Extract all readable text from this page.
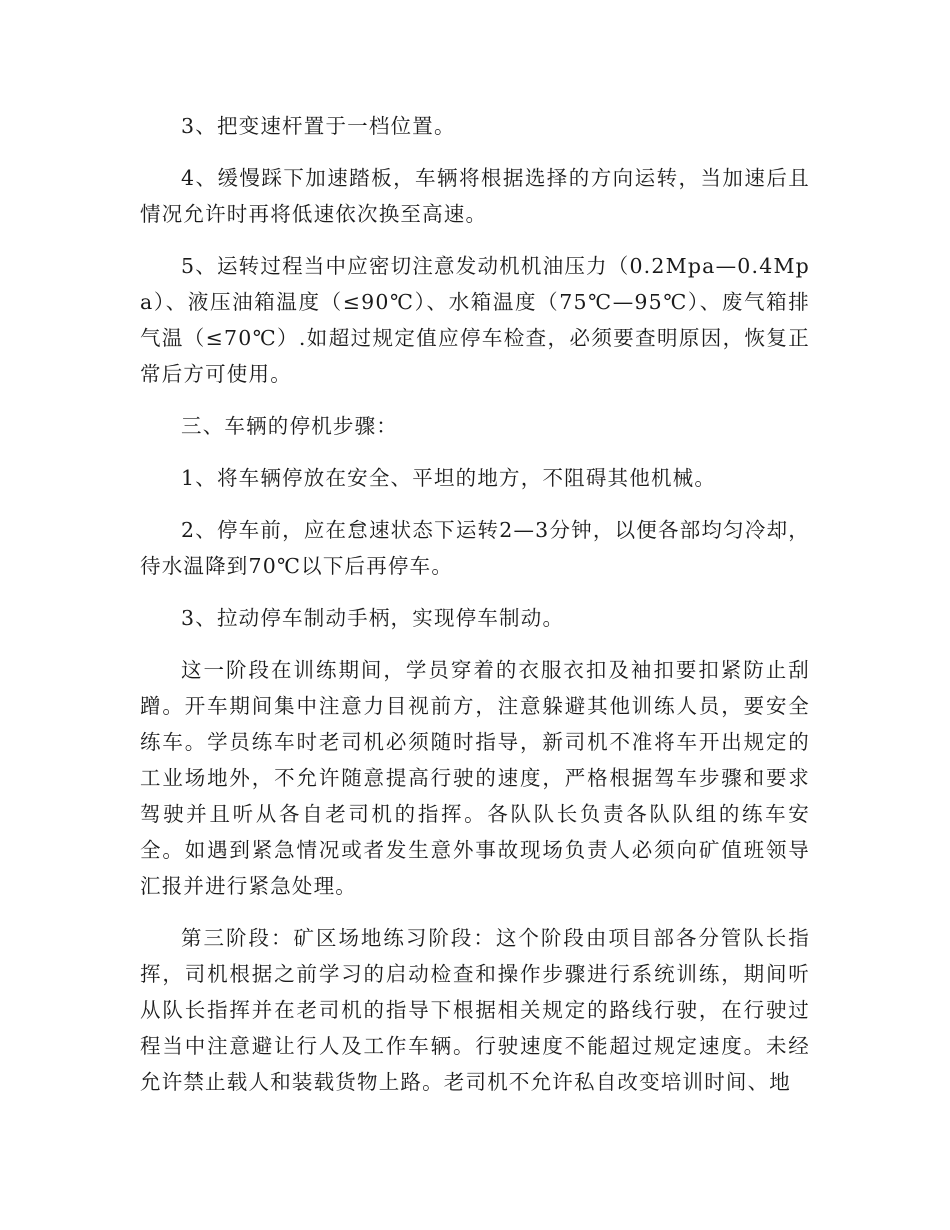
3、把变速杆置于一档位置。

4、缓慢踩下加速踏板，车辆将根据选择的方向运转，当加速后且情况允许时再将低速依次换至高速。

5、运转过程当中应密切注意发动机机油压力（0.2Mpa—0.4Mpa）、液压油箱温度（≤90℃）、水箱温度（75℃—95℃）、废气箱排气温（≤70℃）.如超过规定值应停车检查，必须要查明原因，恢复正常后方可使用。

三、车辆的停机步骤：

1、将车辆停放在安全、平坦的地方，不阻碍其他机械。

2、停车前，应在怠速状态下运转2—3分钟，以便各部均匀冷却，待水温降到70℃以下后再停车。

3、拉动停车制动手柄，实现停车制动。

这一阶段在训练期间，学员穿着的衣服衣扣及袖扣要扣紧防止刮蹭。开车期间集中注意力目视前方，注意躲避其他训练人员，要安全练车。学员练车时老司机必须随时指导，新司机不准将车开出规定的工业场地外，不允许随意提高行驶的速度，严格根据驾车步骤和要求驾驶并且听从各自老司机的指挥。各队队长负责各队队组的练车安全。如遇到紧急情况或者发生意外事故现场负责人必须向矿值班领导汇报并进行紧急处理。

第三阶段：矿区场地练习阶段：这个阶段由项目部各分管队长指挥，司机根据之前学习的启动检查和操作步骤进行系统训练，期间听从队长指挥并在老司机的指导下根据相关规定的路线行驶，在行驶过程当中注意避让行人及工作车辆。行驶速度不能超过规定速度。未经允许禁止载人和装载货物上路。老司机不允许私自改变培训时间、地
